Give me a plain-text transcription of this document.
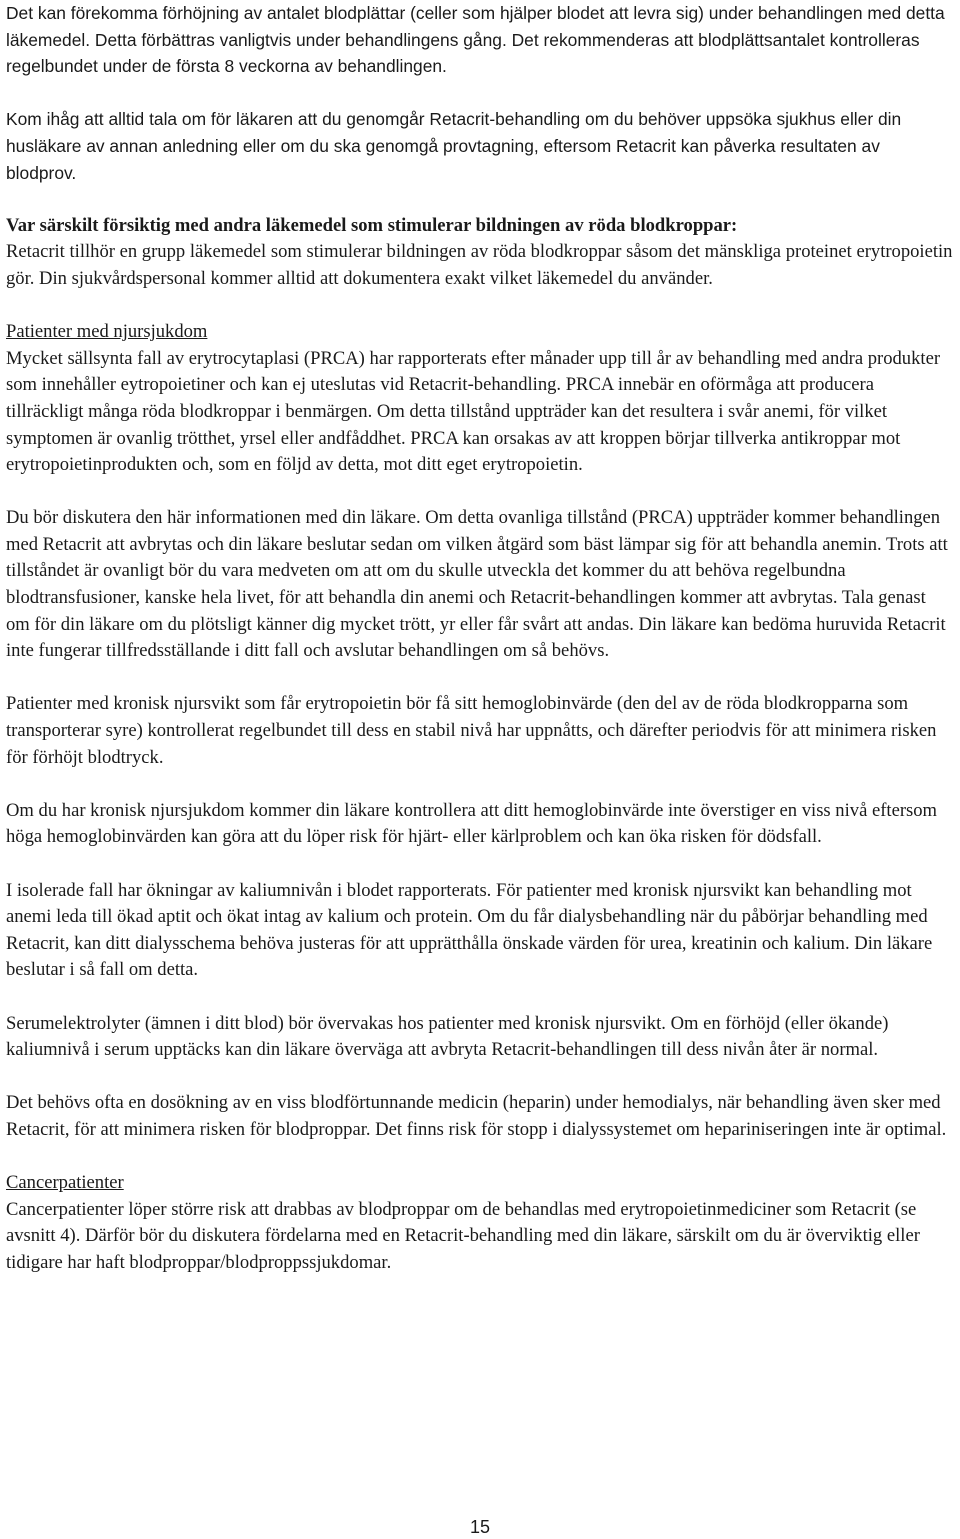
Det kan förekomma förhöjning av antalet blodplättar (celler som hjälper blodet att levra sig) under behandlingen med detta läkemedel. Detta förbättras vanligtvis under behandlingens gång. Det rekommenderas att blodplättsantalet kontrolleras regelbundet under de första 8 veckorna av behandlingen.

Kom ihåg att alltid tala om för läkaren att du genomgår Retacrit-behandling om du behöver uppsöka sjukhus eller din husläkare av annan anledning eller om du ska genomgå provtagning, eftersom Retacrit kan påverka resultaten av blodprov.

Var särskilt försiktig med andra läkemedel som stimulerar bildningen av röda blodkroppar:
Retacrit tillhör en grupp läkemedel som stimulerar bildningen av röda blodkroppar såsom det mänskliga proteinet erytropoietin gör. Din sjukvårdspersonal kommer alltid att dokumentera exakt vilket läkemedel du använder.

Patienter med njursjukdom
Mycket sällsynta fall av erytrocytaplasi (PRCA) har rapporterats efter månader upp till år av behandling med andra produkter som innehåller eytropoietiner och kan ej uteslutas vid Retacrit-behandling. PRCA innebär en oförmåga att producera tillräckligt många röda blodkroppar i benmärgen. Om detta tillstånd uppträder kan det resultera i svår anemi, för vilket symptomen är ovanlig trötthet, yrsel eller andfåddhet. PRCA kan orsakas av att kroppen börjar tillverka antikroppar mot erytropoietinprodukten och, som en följd av detta, mot ditt eget erytropoietin.

Du bör diskutera den här informationen med din läkare. Om detta ovanliga tillstånd (PRCA) uppträder kommer behandlingen med Retacrit att avbrytas och din läkare beslutar sedan om vilken åtgärd som bäst lämpar sig för att behandla anemin. Trots att tillståndet är ovanligt bör du vara medveten om att om du skulle utveckla det kommer du att behöva regelbundna blodtransfusioner, kanske hela livet, för att behandla din anemi och Retacrit-behandlingen kommer att avbrytas. Tala genast om för din läkare om du plötsligt känner dig mycket trött, yr eller får svårt att andas. Din läkare kan bedöma huruvida Retacrit inte fungerar tillfredsställande i ditt fall och avslutar behandlingen om så behövs.

Patienter med kronisk njursvikt som får erytropoietin bör få sitt hemoglobinvärde (den del av de röda blodkropparna som transporterar syre) kontrollerat regelbundet till dess en stabil nivå har uppnåtts, och därefter periodvis för att minimera risken för förhöjt blodtryck.

Om du har kronisk njursjukdom kommer din läkare kontrollera att ditt hemoglobinvärde inte överstiger en viss nivå eftersom höga hemoglobinvärden kan göra att du löper risk för hjärt- eller kärlproblem och kan öka risken för dödsfall.

I isolerade fall har ökningar av kaliumnivån i blodet rapporterats. För patienter med kronisk njursvikt kan behandling mot anemi leda till ökad aptit och ökat intag av kalium och protein. Om du får dialysbehandling när du påbörjar behandling med Retacrit, kan ditt dialysschema behöva justeras för att upprätthålla önskade värden för urea, kreatinin och kalium. Din läkare beslutar i så fall om detta.

Serumelektrolyter (ämnen i ditt blod) bör övervakas hos patienter med kronisk njursvikt. Om en förhöjd (eller ökande) kaliumnivå i serum upptäcks kan din läkare överväga att avbryta Retacrit-behandlingen till dess nivån åter är normal.

Det behövs ofta en dosökning av en viss blodförtunnande medicin (heparin) under hemodialys, när behandling även sker med Retacrit, för att minimera risken för blodproppar. Det finns risk för stopp i dialyssystemet om hepariniseringen inte är optimal.

Cancerpatienter
Cancerpatienter löper större risk att drabbas av blodproppar om de behandlas med erytropoietinmediciner som Retacrit (se avsnitt 4). Därför bör du diskutera fördelarna med en Retacrit-behandling med din läkare, särskilt om du är överviktig eller tidigare har haft blodproppar/blodproppssjukdomar.

15
